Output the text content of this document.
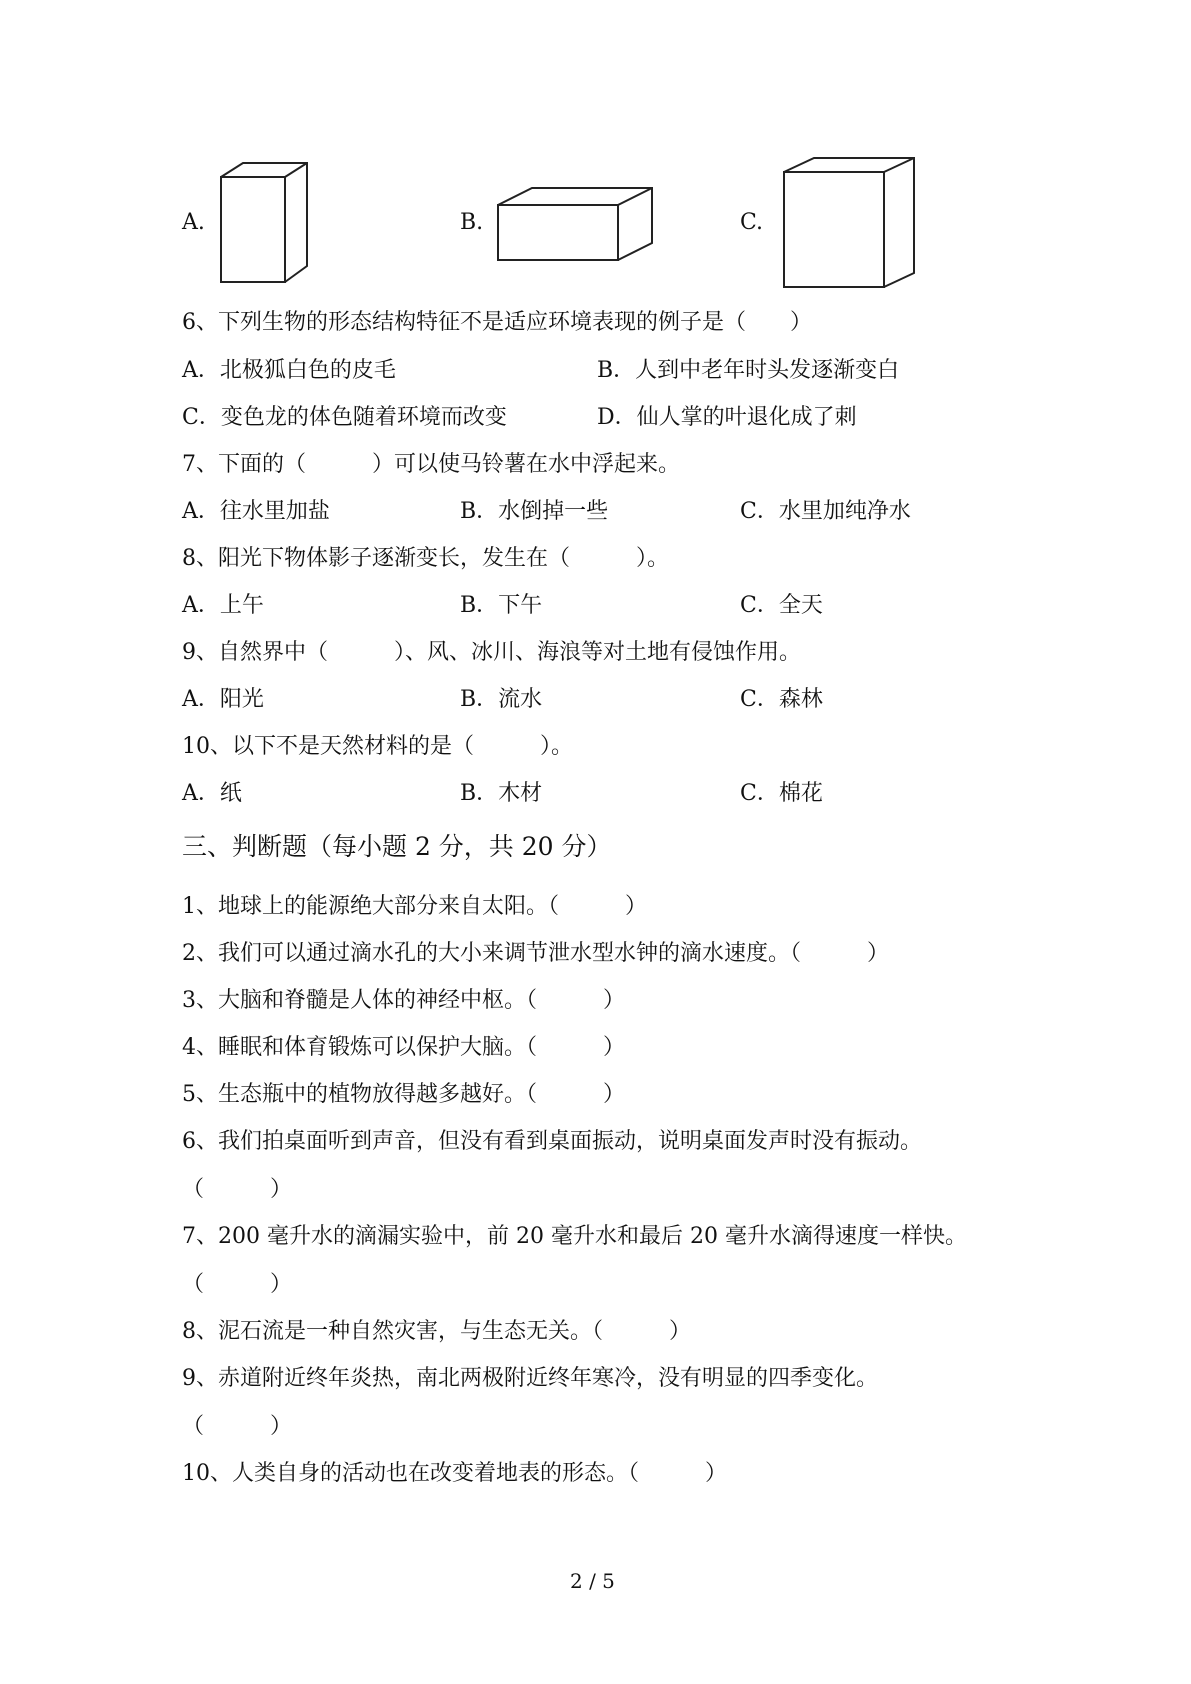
A.	B.	C.
6、下列生物的形态结构特征不是适应环境表现的例子是（　　）
A．北极狐白色的皮毛	B．人到中老年时头发逐渐变白
C．变色龙的体色随着环境而改变	D．仙人掌的叶退化成了刺
7、下面的（　　　）可以使马铃薯在水中浮起来。
A．往水里加盐	B．水倒掉一些	C．水里加纯净水
8、阳光下物体影子逐渐变长，发生在（　　　）。
A．上午	B．下午	C．全天
9、自然界中（　　　）、风、冰川、海浪等对土地有侵蚀作用。
A．阳光	B．流水	C．森林
10、以下不是天然材料的是（　　　）。
A．纸	B．木材	C．棉花
三、判断题（每小题 2 分，共 20 分）
1、地球上的能源绝大部分来自太阳。（　　　）
2、我们可以通过滴水孔的大小来调节泄水型水钟的滴水速度。（　　　）
3、大脑和脊髓是人体的神经中枢。（　　　）
4、睡眠和体育锻炼可以保护大脑。（　　　）
5、生态瓶中的植物放得越多越好。（　　　）
6、我们拍桌面听到声音，但没有看到桌面振动，说明桌面发声时没有振动。
（　　　）
7、200 毫升水的滴漏实验中，前 20 毫升水和最后 20 毫升水滴得速度一样快。
（　　　）
8、泥石流是一种自然灾害，与生态无关。（　　　）
9、赤道附近终年炎热，南北两极附近终年寒冷，没有明显的四季变化。
（　　　）
10、人类自身的活动也在改变着地表的形态。（　　　）
2 / 5
